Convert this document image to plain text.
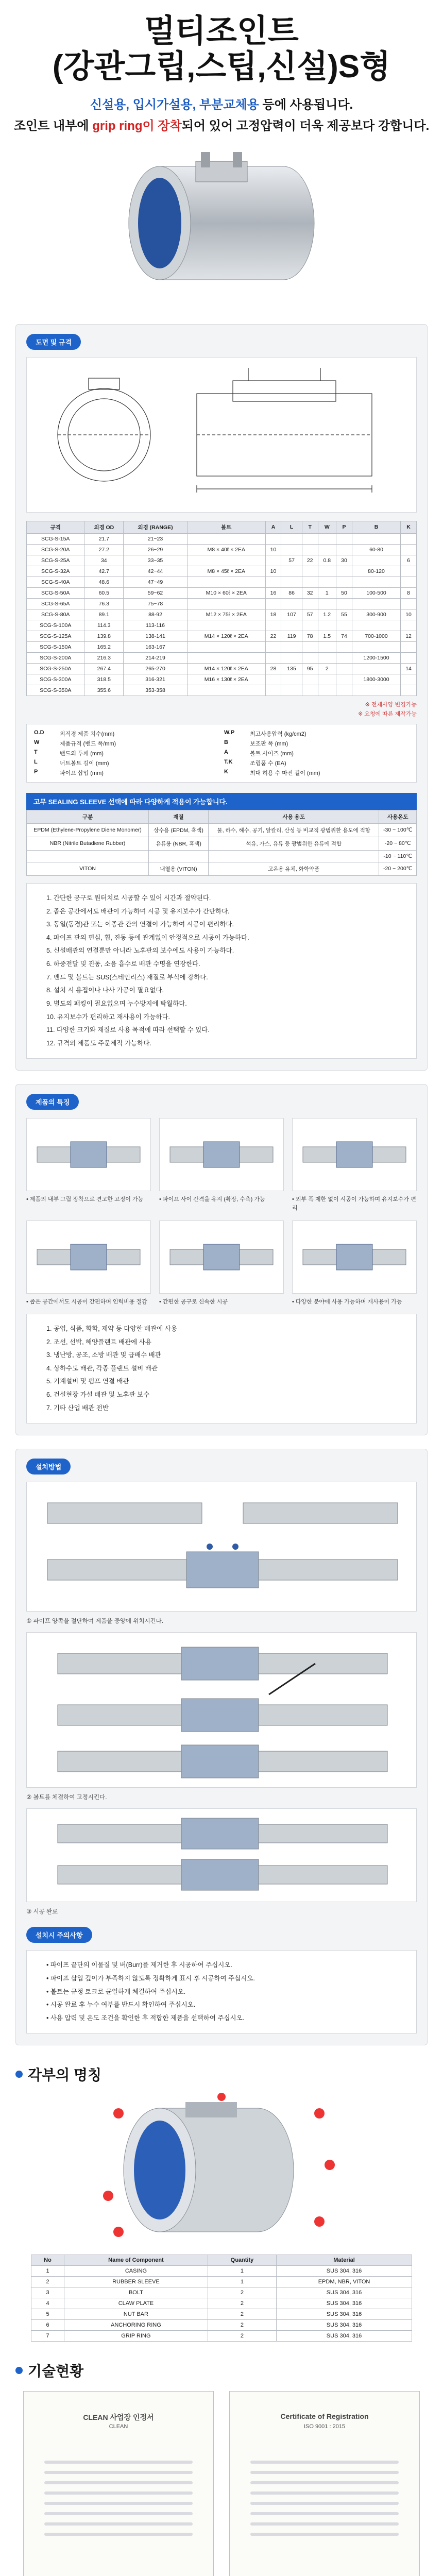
멀티조인트
(강관그립,스팁,신설)S형
신설용, 입시가설용, 부분교체용 등에 사용됩니다.
조인트 내부에 grip ring이 장착되어 있어 고정압력이 더욱 제공보다 강합니다.
도면 및 규격
규격	외경 OD	외경 (RANGE)	볼트	A	L	T	W	P	B	K
SCG-S-15A	21.7	21~23								
SCG-S-20A	27.2	26~29	M8 × 40ℓ × 2EA	10					60-80	
SCG-S-25A	34	33~35			57	22	0.8	30		6
SCG-S-32A	42.7	42~44	M8 × 45ℓ × 2EA	10					80-120	
SCG-S-40A	48.6	47~49								
SCG-S-50A	60.5	59~62	M10 × 60ℓ × 2EA	16	86	32	1	50	100-500	8
SCG-S-65A	76.3	75~78								
SCG-S-80A	89.1	88-92	M12 × 75ℓ × 2EA	18	107	57	1.2	55	300-900	10
SCG-S-100A	114.3	113-116								
SCG-S-125A	139.8	138-141	M14 × 120ℓ × 2EA	22	119	78	1.5	74	700-1000	12
SCG-S-150A	165.2	163-167								
SCG-S-200A	216.3	214-219							1200-1500	
SCG-S-250A	267.4	265-270	M14 × 120ℓ × 2EA	28	135	95	2			14
SCG-S-300A	318.5	316-321	M16 × 130ℓ × 2EA						1800-3000	
SCG-S-350A	355.6	353-358								
※ 전제사양 변경가능
※ 요청에 따른 제작가능
O.D	외직경 제품 치수(mm)	W.P	최고사용압력 (kg/cm2)
W	제품규격 (밴드 폭/mm)	B	보조판 폭 (mm)
T	밴드의 두께 (mm)	A	볼트 사이즈 (mm)
L	너트볼트 길이 (mm)	T.K	조립품 수 (EA)
P	파이프 삽입 (mm)	K	최대 허용 수 마진 길이 (mm)
고무 SEALING SLEEVE 선택에 따라 다양하게 적용이 가능합니다.
구분	재질	사용 용도	사용온도
EPDM (Ethylene-Propylene Diene Monomer)	상수용 (EPDM, 흑색)	물, 하수, 해수, 공기, 알칼리, 산성 등 비교적 광범위한 용도에 적합	-30 ~ 100℃
NBR (Nitrile Butadiene Rubber)	유류용 (NBR, 흑색)	석유, 가스, 유류 등 광범위한 유류에 적합	-20 ~ 80℃
			-10 ~ 110℃
VITON	내열용 (VITON)	고온용 유체, 화학약품	-20 ~ 200℃
1. 간단한 공구로 원터치로 시공할 수 있어 시간과 절약된다.
2. 좁은 공간에서도 배관이 가능하며 시공 및 유지보수가 간단하다.
3. 동일(동경)관 또는 이종관 간의 연결이 가능하여 시공이 편리하다.
4. 파이프 관의 편심, 휨, 진동 등에 관계없이 안정적으로 시공이 가능하다.
5. 신설배관의 연결뿐만 아니라 노후관의 보수에도 사용이 가능하다.
6. 하중전달 및 진동, 소음 흡수로 배관 수명을 연장한다.
7. 밴드 및 볼트는 SUS(스테인리스) 재질로 부식에 강하다.
8. 설치 시 용접이나 나사 가공이 필요없다.
9. 별도의 패킹이 필요없으며 누수방지에 탁월하다.
10. 유지보수가 편리하고 재사용이 가능하다.
11. 다양한 크기와 재질로 사용 목적에 따라 선택할 수 있다.
12. 규격외 제품도 주문제작 가능하다.
제품의 특징
• 제품의 내부 그립 장착으로 견고한 고정이 가능	• 파이프 사이 간격을 유지 (확장, 수축) 가능	• 외부 폭 제한 없이 시공이 가능하며 유지보수가 편리
• 좁은 공간에서도 시공이 간편하며 인력비용 절감	• 간편한 공구로 신속한 시공	• 다양한 분야에 사용 가능하며 재사용이 가능
1. 공업, 식품, 화학, 제약 등 다양한 배관에 사용
2. 조선, 선박, 해양플랜트 배관에 사용
3. 냉난방, 공조, 소방 배관 및 급배수 배관
4. 상하수도 배관, 각종 플랜트 설비 배관
5. 기계설비 및 펌프 연결 배관
6. 건설현장 가설 배관 및 노후관 보수
7. 기타 산업 배관 전반
설치방법

① 파이프 양쪽을 절단하여 제품을 중앙에 위치시킨다.

② 볼트를 체결하여 고정시킨다.

③ 시공 완료

설치시 주의사항
• 파이프 끝단의 이물질 및 버(Burr)를 제거한 후 시공하여 주십시오.
• 파이프 삽입 깊이가 부족하지 않도록 정확하게 표시 후 시공하여 주십시오.
• 볼트는 규정 토크로 균일하게 체결하여 주십시오.
• 시공 완료 후 누수 여부를 반드시 확인하여 주십시오.
• 사용 압력 및 온도 조건을 확인한 후 적합한 제품을 선택하여 주십시오.
각부의 명칭
No	Name of Component	Quantity	Material
1	CASING	1	SUS 304, 316
2	RUBBER SLEEVE	1	EPDM, NBR, VITON
3	BOLT	2	SUS 304, 316
4	CLAW PLATE	2	SUS 304, 316
5	NUT BAR	2	SUS 304, 316
6	ANCHORING RING	2	SUS 304, 316
7	GRIP RING	2	SUS 304, 316
기술현황
CLEAN 사업장 인정서
CLEAN
Certificate of Registration
ISO 9001 : 2015
